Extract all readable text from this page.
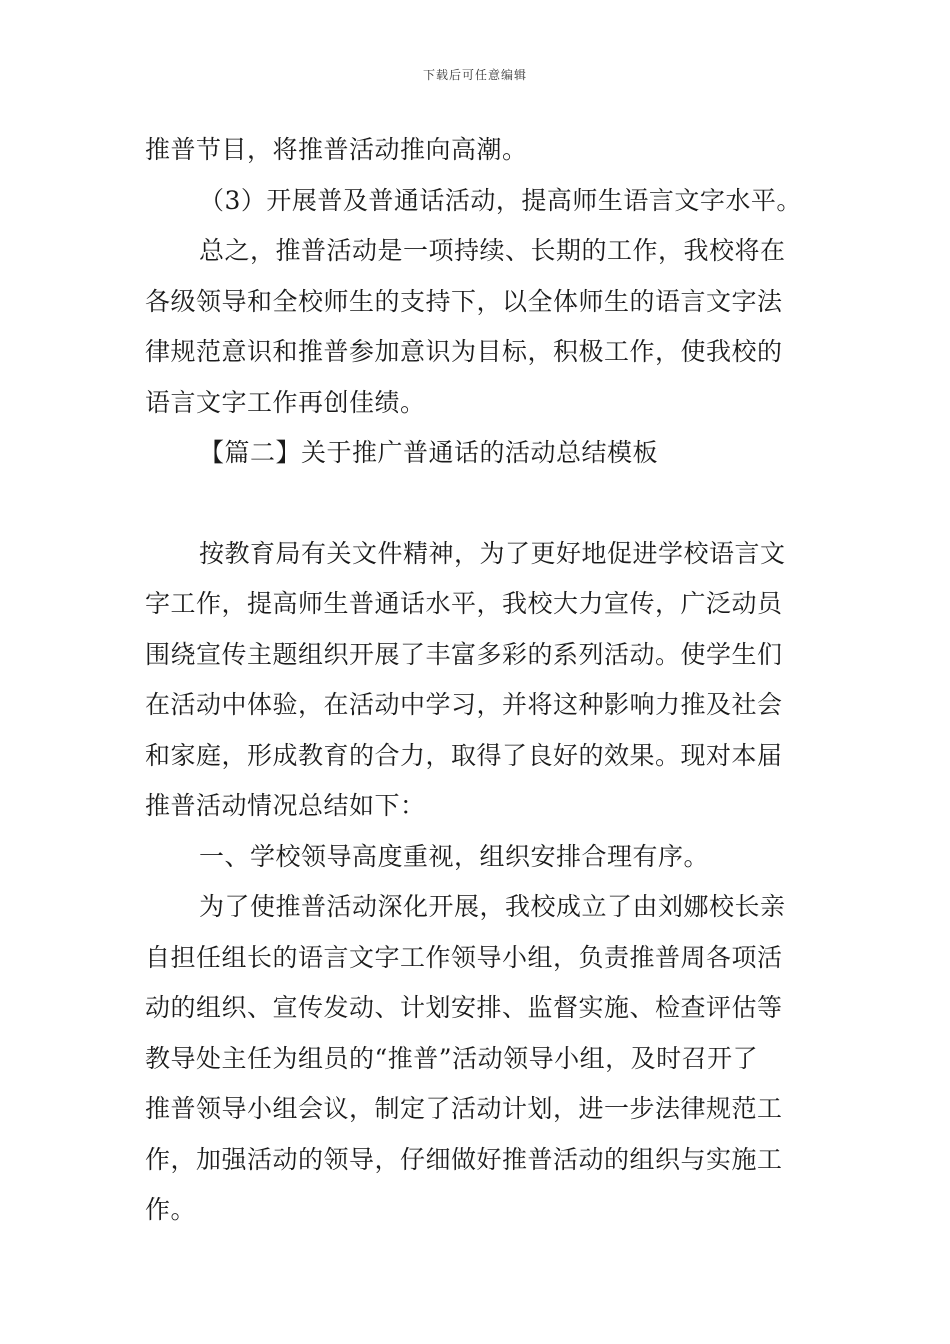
下载后可任意编辑
推普节目，将推普活动推向高潮。
（3）开展普及普通话活动，提高师生语言文字水平。
总之，推普活动是一项持续、长期的工作，我校将在
各级领导和全校师生的支持下，以全体师生的语言文字法
律规范意识和推普参加意识为目标，积极工作，使我校的
语言文字工作再创佳绩。
【篇二】关于推广普通话的活动总结模板
按教育局有关文件精神，为了更好地促进学校语言文
字工作，提高师生普通话水平，我校大力宣传，广泛动员
围绕宣传主题组织开展了丰富多彩的系列活动。使学生们
在活动中体验，在活动中学习，并将这种影响力推及社会
和家庭，形成教育的合力，取得了良好的效果。现对本届
推普活动情况总结如下：
一、学校领导高度重视，组织安排合理有序。
为了使推普活动深化开展，我校成立了由刘娜校长亲
自担任组长的语言文字工作领导小组，负责推普周各项活
动的组织、宣传发动、计划安排、监督实施、检查评估等
教导处主任为组员的“推普”活动领导小组，及时召开了
推普领导小组会议，制定了活动计划，进一步法律规范工
作，加强活动的领导，仔细做好推普活动的组织与实施工
作。
